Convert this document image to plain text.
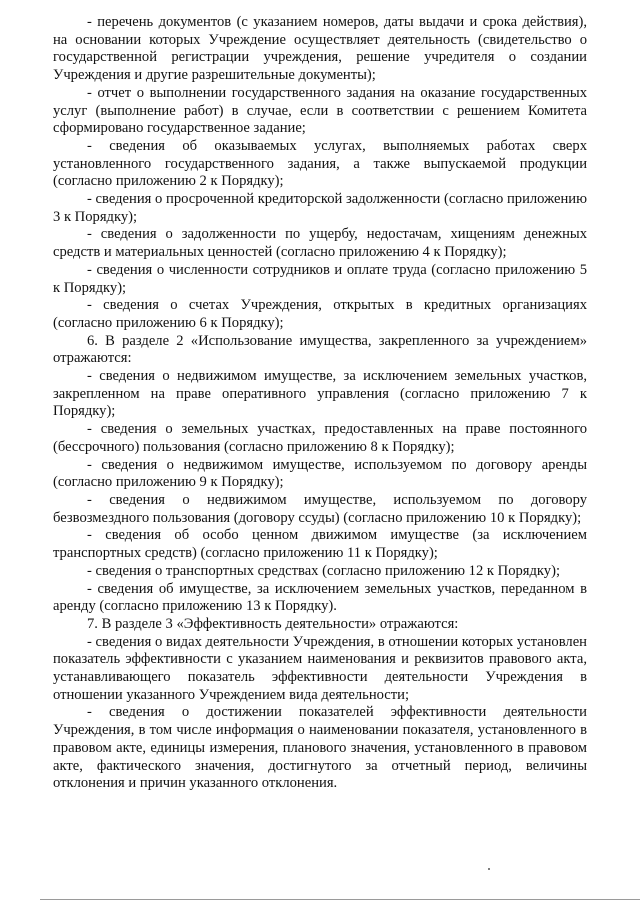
- перечень документов (с указанием номеров, даты выдачи и срока действия), на основании которых Учреждение осуществляет деятельность (свидетельство о государственной регистрации учреждения, решение учредителя о создании Учреждения и другие разрешительные документы);

- отчет о выполнении государственного задания на оказание государственных услуг (выполнение работ) в случае, если в соответствии с решением Комитета сформировано государственное задание;

- сведения об оказываемых услугах, выполняемых работах сверх установленного государственного задания, а также выпускаемой продукции (согласно приложению 2 к Порядку);

- сведения о просроченной кредиторской задолженности (согласно приложению 3 к Порядку);

- сведения о задолженности по ущербу, недостачам, хищениям денежных средств и материальных ценностей (согласно приложению 4 к Порядку);

- сведения о численности сотрудников и оплате труда (согласно приложению 5 к Порядку);

- сведения о счетах Учреждения, открытых в кредитных организациях (согласно приложению 6 к Порядку);

6. В разделе 2 «Использование имущества, закрепленного за учреждением» отражаются:

- сведения о недвижимом имуществе, за исключением земельных участков, закрепленном на праве оперативного управления (согласно приложению 7 к Порядку);

- сведения о земельных участках, предоставленных на праве постоянного (бессрочного) пользования (согласно приложению 8 к Порядку);

- сведения о недвижимом имуществе, используемом по договору аренды (согласно приложению 9 к Порядку);

- сведения о недвижимом имуществе, используемом по договору безвозмездного пользования (договору ссуды) (согласно приложению 10 к Порядку);

- сведения об особо ценном движимом имуществе (за исключением транспортных средств) (согласно приложению 11 к Порядку);

- сведения о транспортных средствах (согласно приложению 12 к Порядку);

- сведения об имуществе, за исключением земельных участков, переданном в аренду (согласно приложению 13 к Порядку).

7. В разделе 3 «Эффективность деятельности» отражаются:

- сведения о видах деятельности Учреждения, в отношении которых установлен показатель эффективности с указанием наименования и реквизитов правового акта, устанавливающего показатель эффективности деятельности Учреждения в отношении указанного Учреждением вида деятельности;

- сведения о достижении показателей эффективности деятельности Учреждения, в том числе информация о наименовании показателя, установленного в правовом акте, единицы измерения, планового значения, установленного в правовом акте, фактического значения, достигнутого за отчетный период, величины отклонения и причин указанного отклонения.
